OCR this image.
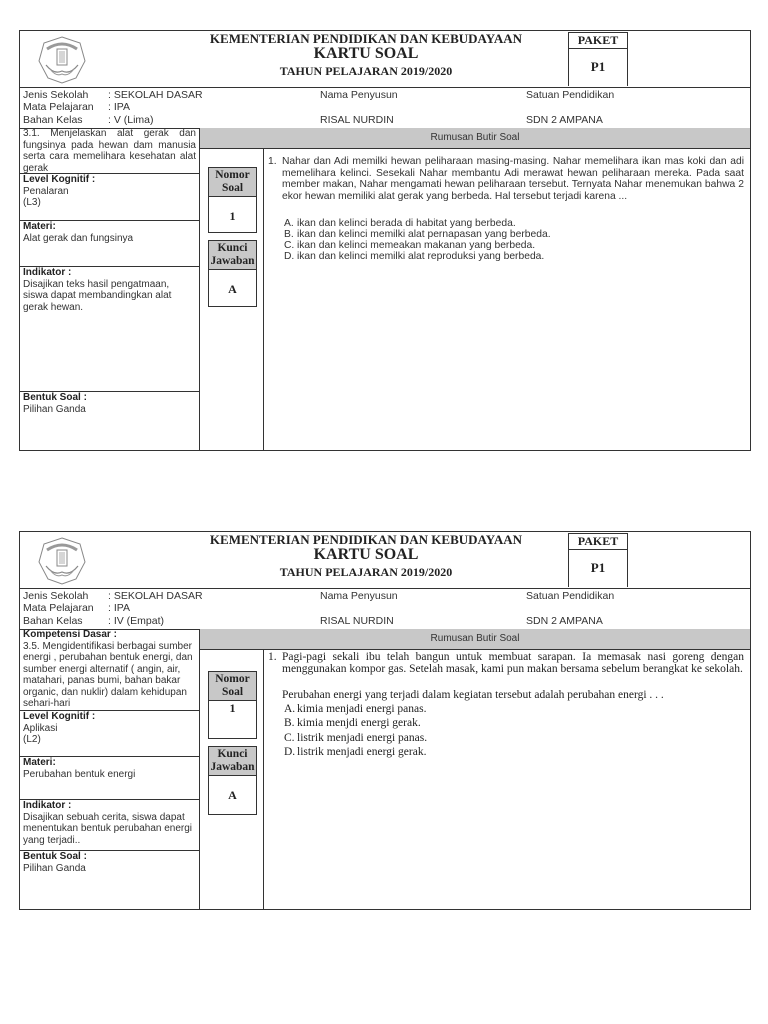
KEMENTERIAN PENDIDIKAN DAN KEBUDAYAAN
KARTU SOAL
TAHUN PELAJARAN 2019/2020
PAKET
P1
Jenis Sekolah : SEKOLAH DASAR
Mata Pelajaran : IPA
Bahan Kelas : V (Lima)
Nama Penyusun
RISAL NURDIN
Satuan Pendidikan
SDN 2 AMPANA
3.1. Menjelaskan alat gerak dan fungsinya pada hewan dam manusia serta cara memelihara kesehatan alat gerak
Level Kognitif :
Penalaran
(L3)
Materi:
Alat gerak dan fungsinya
Indikator :
Disajikan teks hasil pengatmaan, siswa dapat membandingkan alat gerak hewan.
Bentuk Soal :
Pilihan Ganda
Rumusan Butir Soal
Nomor Soal
1
Kunci Jawaban
A
1. Nahar dan Adi memilki hewan peliharaan masing-masing. Nahar memelihara ikan mas koki dan adi memelihara kelinci. Sesekali Nahar membantu Adi merawat hewan peliharaan mereka. Pada saat member makan, Nahar mengamati hewan peliharaan tersebut. Ternyata Nahar menemukan bahwa 2 ekor hewan memiliki alat gerak yang berbeda. Hal tersebut terjadi karena ...
A. ikan dan kelinci berada di habitat yang berbeda.
B. ikan dan kelinci memilki alat pernapasan yang berbeda.
C. ikan dan kelinci memeakan makanan yang berbeda.
D. ikan dan kelinci memilki alat reproduksi yang berbeda.
KEMENTERIAN PENDIDIKAN DAN KEBUDAYAAN
KARTU SOAL
TAHUN PELAJARAN 2019/2020
PAKET
P1
Jenis Sekolah : SEKOLAH DASAR
Mata Pelajaran : IPA
Bahan Kelas : IV (Empat)
Nama Penyusun
RISAL NURDIN
Satuan Pendidikan
SDN 2 AMPANA
Kompetensi Dasar :
3.5. Mengidentifikasi berbagai sumber energi , perubahan bentuk energi, dan sumber energi alternatif ( angin, air, matahari, panas bumi, bahan bakar organic, dan nuklir) dalam kehidupan sehari-hari
Level Kognitif :
Aplikasi
(L2)
Materi:
Perubahan bentuk energi
Indikator :
Disajikan sebuah cerita, siswa dapat menentukan bentuk perubahan energi yang terjadi..
Bentuk Soal :
Pilihan Ganda
Rumusan Butir Soal
Nomor Soal
1
Kunci Jawaban
A
1. Pagi-pagi sekali ibu telah bangun untuk membuat sarapan. Ia memasak nasi goreng dengan menggunakan kompor gas. Setelah masak, kami pun makan bersama sebelum berangkat ke sekolah.
Perubahan energi yang terjadi dalam kegiatan tersebut adalah perubahan energi . . .
A. kimia menjadi energi panas.
B. kimia menjdi energi gerak.
C. listrik menjadi energi panas.
D. listrik menjadi energi gerak.
